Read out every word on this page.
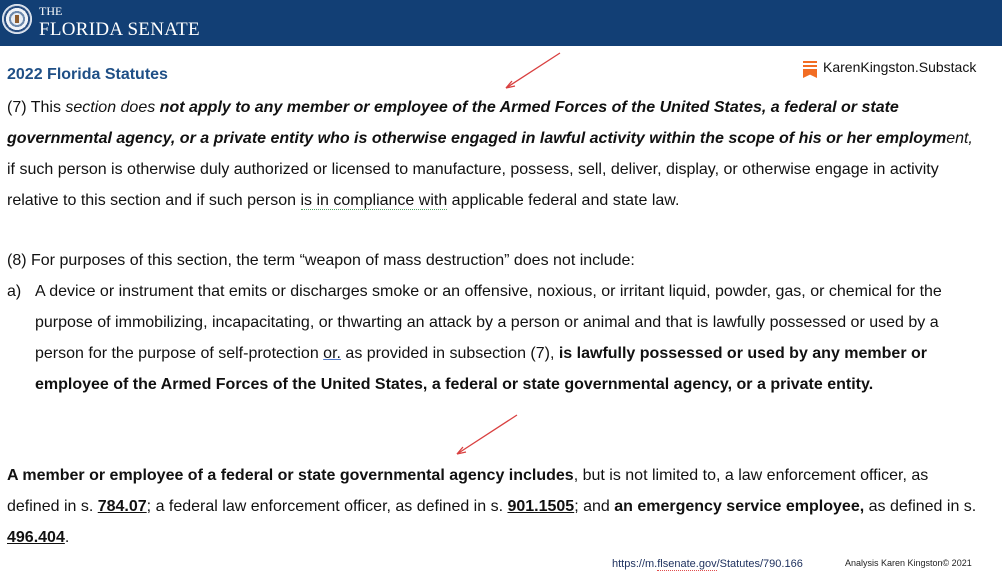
THE
FLORIDA SENATE
2022 Florida Statutes	KarenKingston.Substack
(7) This section does not apply to any member or employee of the Armed Forces of the United States, a federal or state governmental agency, or a private entity who is otherwise engaged in lawful activity within the scope of his or her employment, if such person is otherwise duly authorized or licensed to manufacture, possess, sell, deliver, display, or otherwise engage in activity relative to this section and if such person is in compliance with applicable federal and state law.
(8) For purposes of this section, the term “weapon of mass destruction” does not include:
a) A device or instrument that emits or discharges smoke or an offensive, noxious, or irritant liquid, powder, gas, or chemical for the purpose of immobilizing, incapacitating, or thwarting an attack by a person or animal and that is lawfully possessed or used by a person for the purpose of self-protection or. as provided in subsection (7), is lawfully possessed or used by any member or employee of the Armed Forces of the United States, a federal or state governmental agency, or a private entity.
A member or employee of a federal or state governmental agency includes, but is not limited to, a law enforcement officer, as defined in s. 784.07; a federal law enforcement officer, as defined in s. 901.1505; and an emergency service employee, as defined in s. 496.404.
https://m.flsenate.gov/Statutes/790.166	Analysis Karen Kingston© 2021
